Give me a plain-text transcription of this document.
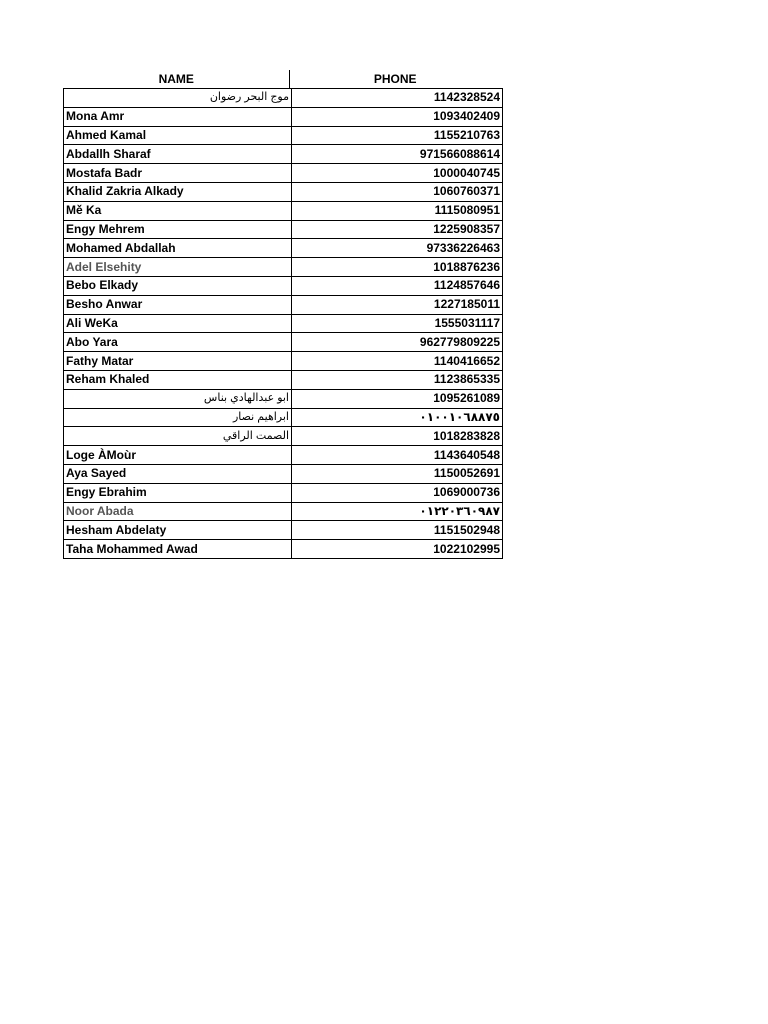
NAME	PHONE
موج البحر رضوان	1142328524
Mona Amr	1093402409
Ahmed Kamal	1155210763
Abdallh Sharaf	971566088614
Mostafa Badr	1000040745
Khalid Zakria Alkady	1060760371
Mě Ka	1115080951
Engy Mehrem	1225908357
Mohamed Abdallah	97336226463
Adel Elsehity	1018876236
Bebo Elkady	1124857646
Besho Anwar	1227185011
Ali WeKa	1555031117
Abo Yara	962779809225
Fathy Matar	1140416652
Reham Khaled	1123865335
ابو عبدالهادي بناس	1095261089
ابراهيم نصار	٠١٠٠١٠٦٨٨٧٥
الصمت الراقي	1018283828
Loge ÀMoùr	1143640548
Aya Sayed	1150052691
Engy Ebrahim	1069000736
Noor Abada	٠١٢٢٠٣٦٠٩٨٧
Hesham Abdelaty	1151502948
Taha Mohammed Awad	1022102995
